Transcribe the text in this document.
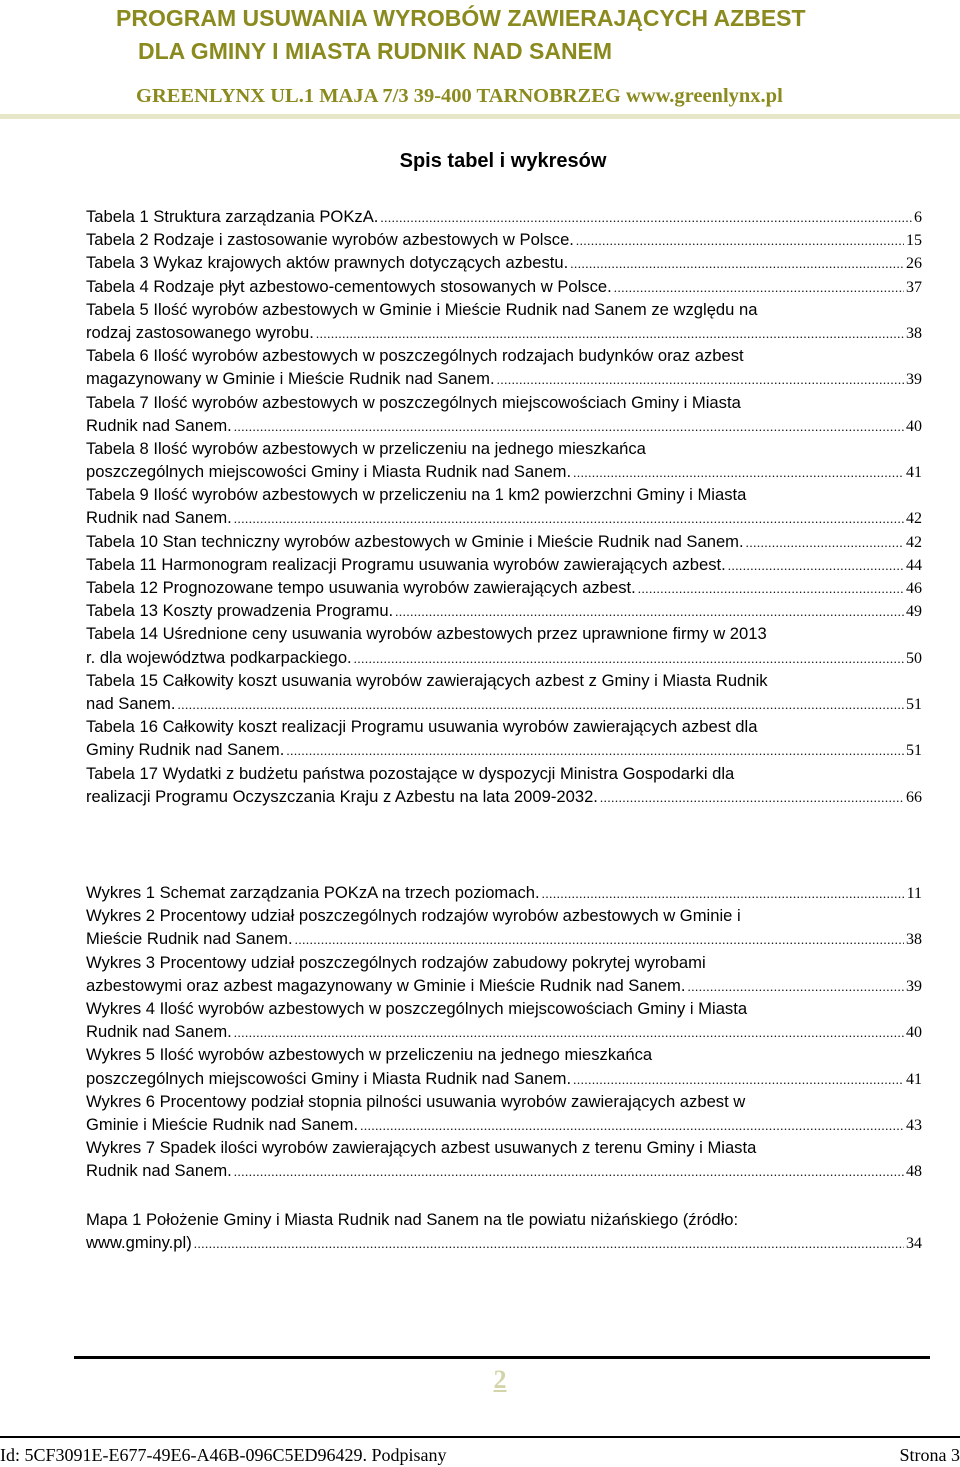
PROGRAM USUWANIA WYROBÓW ZAWIERAJĄCYCH AZBEST
DLA GMINY I MIASTA RUDNIK NAD SANEM
GREENLYNX UL.1 MAJA 7/3 39-400 TARNOBRZEG www.greenlynx.pl
Spis tabel i wykresów
Tabela 1 Struktura zarządzania POKzA. .....	6
Tabela 2 Rodzaje i zastosowanie wyrobów azbestowych w Polsce. .....	15
Tabela 3 Wykaz krajowych aktów prawnych dotyczących azbestu. .....	26
Tabela 4 Rodzaje płyt azbestowo-cementowych stosowanych w Polsce. .....	37
Tabela 5 Ilość wyrobów azbestowych w Gminie i Mieście Rudnik nad Sanem ze względu na
rodzaj zastosowanego wyrobu. .....	38
Tabela 6 Ilość wyrobów azbestowych w poszczególnych rodzajach budynków oraz azbest
magazynowany w Gminie i Mieście Rudnik nad Sanem. .....	39
Tabela 7 Ilość wyrobów azbestowych w poszczególnych miejscowościach Gminy i Miasta
Rudnik nad Sanem. .....	40
Tabela 8 Ilość wyrobów azbestowych w przeliczeniu na jednego mieszkańca
poszczególnych miejscowości Gminy i Miasta Rudnik nad Sanem. .....	41
Tabela 9 Ilość wyrobów azbestowych w przeliczeniu na 1 km2 powierzchni Gminy i Miasta
Rudnik nad Sanem. .....	42
Tabela 10 Stan techniczny wyrobów azbestowych w Gminie i Mieście Rudnik nad Sanem. .....	42
Tabela 11 Harmonogram realizacji Programu usuwania wyrobów zawierających azbest. .....	44
Tabela 12 Prognozowane tempo usuwania wyrobów zawierających azbest. .....	46
Tabela 13 Koszty prowadzenia Programu. .....	49
Tabela 14 Uśrednione ceny usuwania wyrobów azbestowych przez uprawnione firmy w 2013
r. dla województwa podkarpackiego. .....	50
Tabela 15 Całkowity koszt usuwania wyrobów zawierających azbest z Gminy i Miasta Rudnik
nad Sanem. .....	51
Tabela 16 Całkowity koszt realizacji Programu usuwania wyrobów zawierających azbest dla
Gminy Rudnik nad Sanem. .....	51
Tabela 17 Wydatki z budżetu państwa pozostające w dyspozycji Ministra Gospodarki dla
realizacji Programu Oczyszczania Kraju z Azbestu na lata 2009-2032. .....	66
Wykres 1 Schemat zarządzania POKzA na trzech poziomach. .....	11
Wykres 2 Procentowy udział poszczególnych rodzajów wyrobów azbestowych w Gminie i
Mieście Rudnik nad Sanem. .....	38
Wykres 3 Procentowy udział poszczególnych rodzajów zabudowy pokrytej wyrobami
azbestowymi oraz azbest magazynowany w Gminie i Mieście Rudnik nad Sanem. .....	39
Wykres 4 Ilość wyrobów azbestowych w poszczególnych miejscowościach Gminy i Miasta
Rudnik nad Sanem. .....	40
Wykres 5 Ilość wyrobów azbestowych w przeliczeniu na jednego mieszkańca
poszczególnych miejscowości Gminy i Miasta Rudnik nad Sanem. .....	41
Wykres 6 Procentowy podział stopnia pilności usuwania wyrobów zawierających azbest w
Gminie i Mieście Rudnik nad Sanem. .....	43
Wykres 7 Spadek ilości wyrobów zawierających azbest usuwanych z terenu Gminy i Miasta
Rudnik nad Sanem. .....	48
Mapa 1 Położenie Gminy i Miasta Rudnik nad Sanem na tle powiatu niżańskiego (źródło:
www.gminy.pl) .....	34
2
Id: 5CF3091E-E677-49E6-A46B-096C5ED96429. Podpisany	Strona 3
